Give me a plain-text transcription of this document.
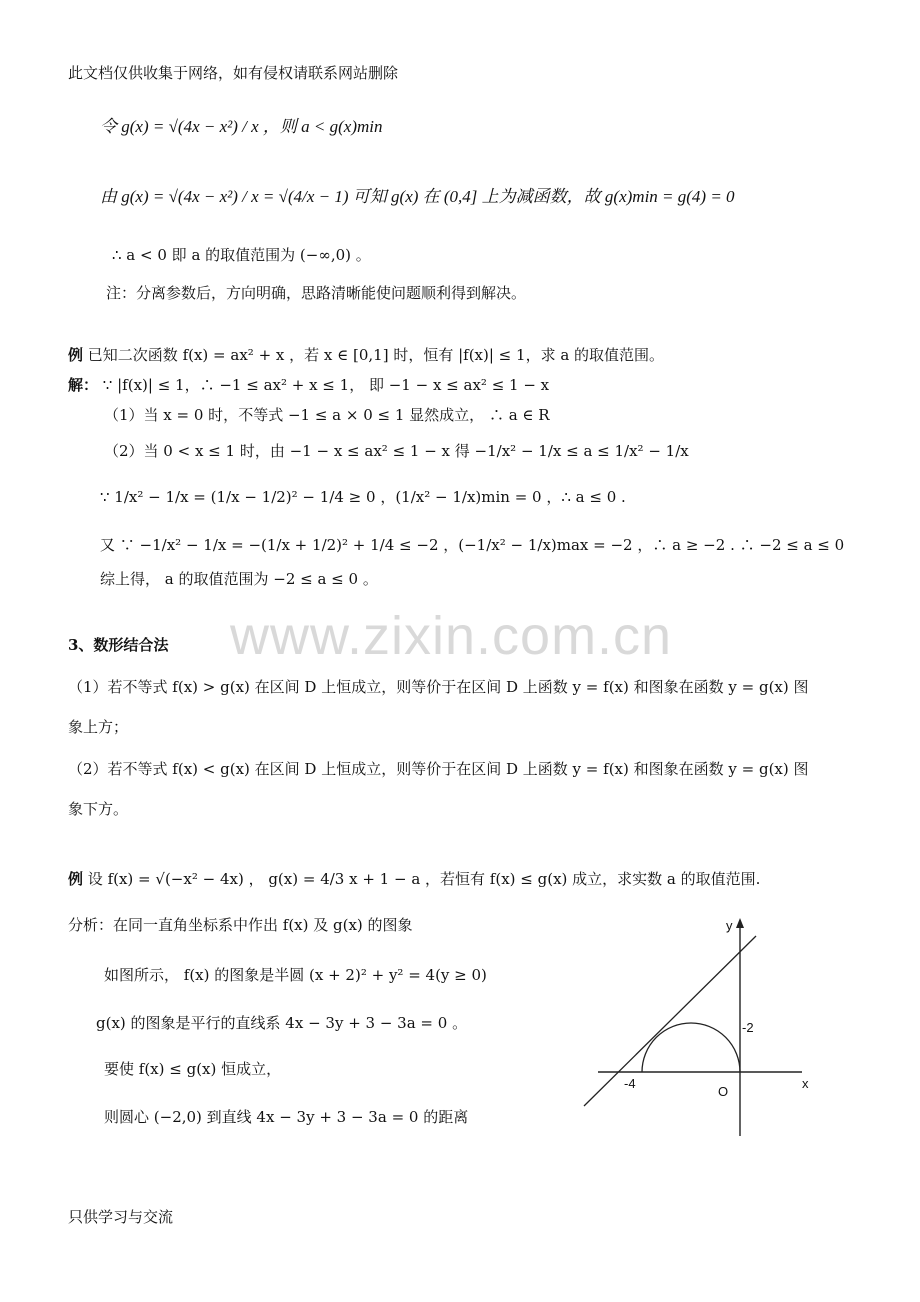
此文档仅供收集于网络，如有侵权请联系网站删除
令 g(x) = √(4x − x²) / x ，则 a < g(x)min
由 g(x) = √(4x − x²) / x = √(4/x − 1) 可知 g(x) 在 (0,4] 上为减函数，故 g(x)min = g(4) = 0
∴ a < 0 即 a 的取值范围为 (−∞,0) 。
注：分离参数后，方向明确，思路清晰能使问题顺利得到解决。
例 已知二次函数 f(x) = ax² + x ，若 x ∈ [0,1] 时，恒有 |f(x)| ≤ 1，求 a 的取值范围。
解： ∵ |f(x)| ≤ 1，∴ −1 ≤ ax² + x ≤ 1， 即 −1 − x ≤ ax² ≤ 1 − x
（1）当 x = 0 时，不等式 −1 ≤ a × 0 ≤ 1 显然成立， ∴ a ∈ R
（2）当 0 < x ≤ 1 时，由 −1 − x ≤ ax² ≤ 1 − x 得 −1/x² − 1/x ≤ a ≤ 1/x² − 1/x
∵ 1/x² − 1/x = (1/x − 1/2)² − 1/4 ≥ 0 ，(1/x² − 1/x)min = 0 ，∴ a ≤ 0 .
又 ∵ −1/x² − 1/x = −(1/x + 1/2)² + 1/4 ≤ −2 ，(−1/x² − 1/x)max = −2 ，∴ a ≥ −2 . ∴ −2 ≤ a ≤ 0
综上得， a 的取值范围为 −2 ≤ a ≤ 0 。
www.zixin.com.cn
3、数形结合法
（1）若不等式 f(x) > g(x) 在区间 D 上恒成立，则等价于在区间 D 上函数 y = f(x) 和图象在函数 y = g(x) 图
象上方；
（2）若不等式 f(x) < g(x) 在区间 D 上恒成立，则等价于在区间 D 上函数 y = f(x) 和图象在函数 y = g(x) 图
象下方。
例 设 f(x) = √(−x² − 4x) ， g(x) = 4/3 x + 1 − a ，若恒有 f(x) ≤ g(x) 成立，求实数 a 的取值范围.
分析：在同一直角坐标系中作出 f(x) 及 g(x) 的图象
如图所示， f(x) 的图象是半圆 (x + 2)² + y² = 4(y ≥ 0)
g(x) 的图象是平行的直线系 4x − 3y + 3 − 3a = 0 。
要使 f(x) ≤ g(x) 恒成立，
则圆心 (−2,0) 到直线 4x − 3y + 3 − 3a = 0 的距离
y
x
O
-4
-2
只供学习与交流
